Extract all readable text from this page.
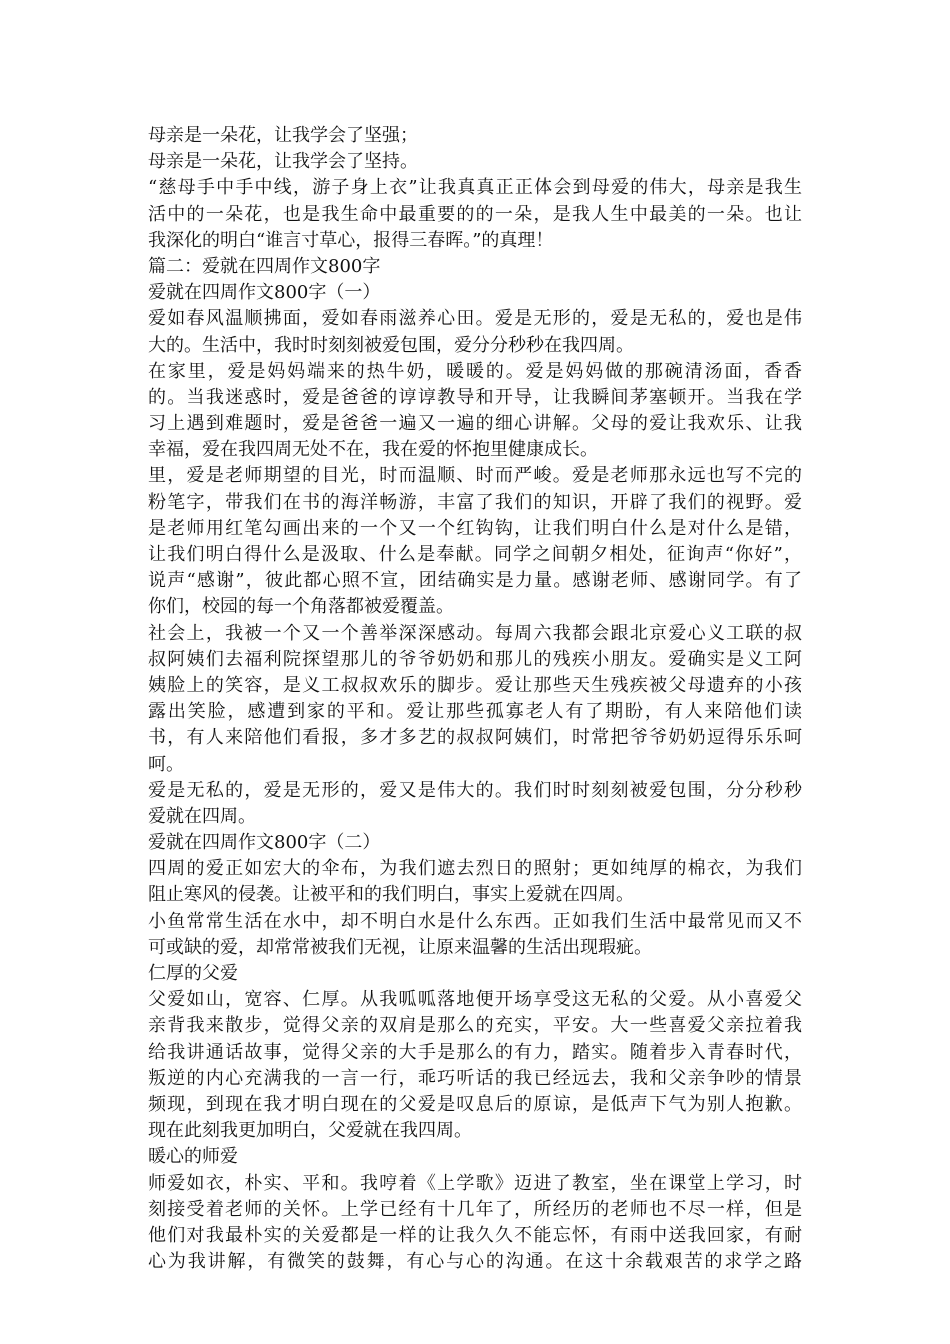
母亲是一朵花，让我学会了坚强；
母亲是一朵花，让我学会了坚持。
“慈母手中手中线，游子身上衣”让我真真正正体会到母爱的伟大，母亲是我生
活中的一朵花，也是我生命中最重要的的一朵，是我人生中最美的一朵。也让
我深化的明白“谁言寸草心，报得三春晖。”的真理！
篇二：爱就在四周作文800字
爱就在四周作文800字（一）
爱如春风温顺拂面，爱如春雨滋养心田。爱是无形的，爱是无私的，爱也是伟
大的。生活中，我时时刻刻被爱包围，爱分分秒秒在我四周。
在家里，爱是妈妈端来的热牛奶，暖暖的。爱是妈妈做的那碗清汤面，香香
的。当我迷惑时，爱是爸爸的谆谆教导和开导，让我瞬间茅塞顿开。当我在学
习上遇到难题时，爱是爸爸一遍又一遍的细心讲解。父母的爱让我欢乐、让我
幸福，爱在我四周无处不在，我在爱的怀抱里健康成长。
里，爱是老师期望的目光，时而温顺、时而严峻。爱是老师那永远也写不完的
粉笔字，带我们在书的海洋畅游，丰富了我们的知识，开辟了我们的视野。爱
是老师用红笔勾画出来的一个又一个红钩钩，让我们明白什么是对什么是错，
让我们明白得什么是汲取、什么是奉献。同学之间朝夕相处，征询声“你好”，
说声“感谢”，彼此都心照不宣，团结确实是力量。感谢老师、感谢同学。有了
你们，校园的每一个角落都被爱覆盖。
社会上，我被一个又一个善举深深感动。每周六我都会跟北京爱心义工联的叔
叔阿姨们去福利院探望那儿的爷爷奶奶和那儿的残疾小朋友。爱确实是义工阿
姨脸上的笑容，是义工叔叔欢乐的脚步。爱让那些天生残疾被父母遗弃的小孩
露出笑脸，感遭到家的平和。爱让那些孤寡老人有了期盼，有人来陪他们读
书，有人来陪他们看报，多才多艺的叔叔阿姨们，时常把爷爷奶奶逗得乐乐呵
呵。
爱是无私的，爱是无形的，爱又是伟大的。我们时时刻刻被爱包围，分分秒秒
爱就在四周。
爱就在四周作文800字（二）
四周的爱正如宏大的伞布，为我们遮去烈日的照射；更如纯厚的棉衣，为我们
阻止寒风的侵袭。让被平和的我们明白，事实上爱就在四周。
小鱼常常生活在水中，却不明白水是什么东西。正如我们生活中最常见而又不
可或缺的爱，却常常被我们无视，让原来温馨的生活出现瑕疵。
仁厚的父爱
父爱如山，宽容、仁厚。从我呱呱落地便开场享受这无私的父爱。从小喜爱父
亲背我来散步，觉得父亲的双肩是那么的充实，平安。大一些喜爱父亲拉着我
给我讲通话故事，觉得父亲的大手是那么的有力，踏实。随着步入青春时代，
叛逆的内心充满我的一言一行，乖巧听话的我已经远去，我和父亲争吵的情景
频现，到现在我才明白现在的父爱是叹息后的原谅，是低声下气为别人抱歉。
现在此刻我更加明白，父爱就在我四周。
暖心的师爱
师爱如衣，朴实、平和。我哼着《上学歌》迈进了教室，坐在课堂上学习，时
刻接受着老师的关怀。上学已经有十几年了，所经历的老师也不尽一样，但是
他们对我最朴实的关爱都是一样的让我久久不能忘怀，有雨中送我回家，有耐
心为我讲解，有微笑的鼓舞，有心与心的沟通。在这十余载艰苦的求学之路
